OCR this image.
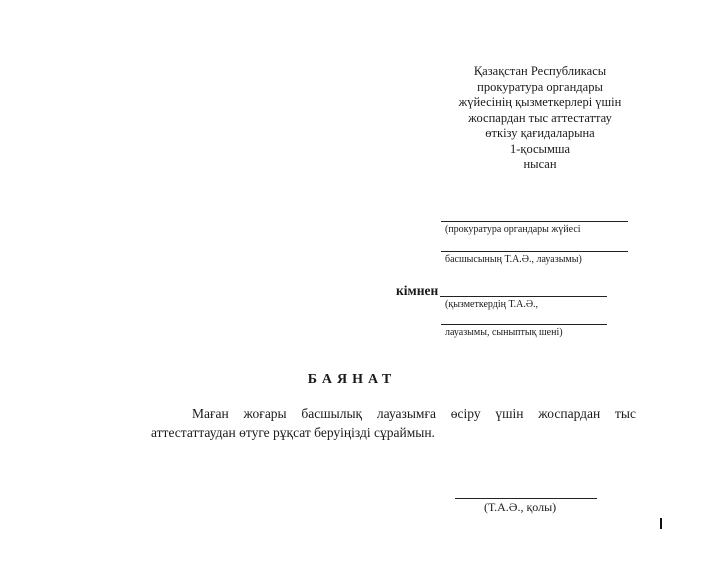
Қазақстан Республикасы
прокуратура органдары
жүйесінің қызметкерлері үшін
жоспардан тыс аттестаттау
өткізу қағидаларына
1-қосымша
нысан
(прокуратура органдары жүйесі
басшысының Т.А.Ә., лауазымы)
кімнен
(қызметкердің Т.А.Ә.,
лауазымы, сыныптық шені)
БАЯНАТ
Маған жоғары басшылық лауазымға өсіру үшін жоспардан тыс
аттестаттаудан өтуге рұқсат беруіңізді сұраймын.
(Т.А.Ә., қолы)
